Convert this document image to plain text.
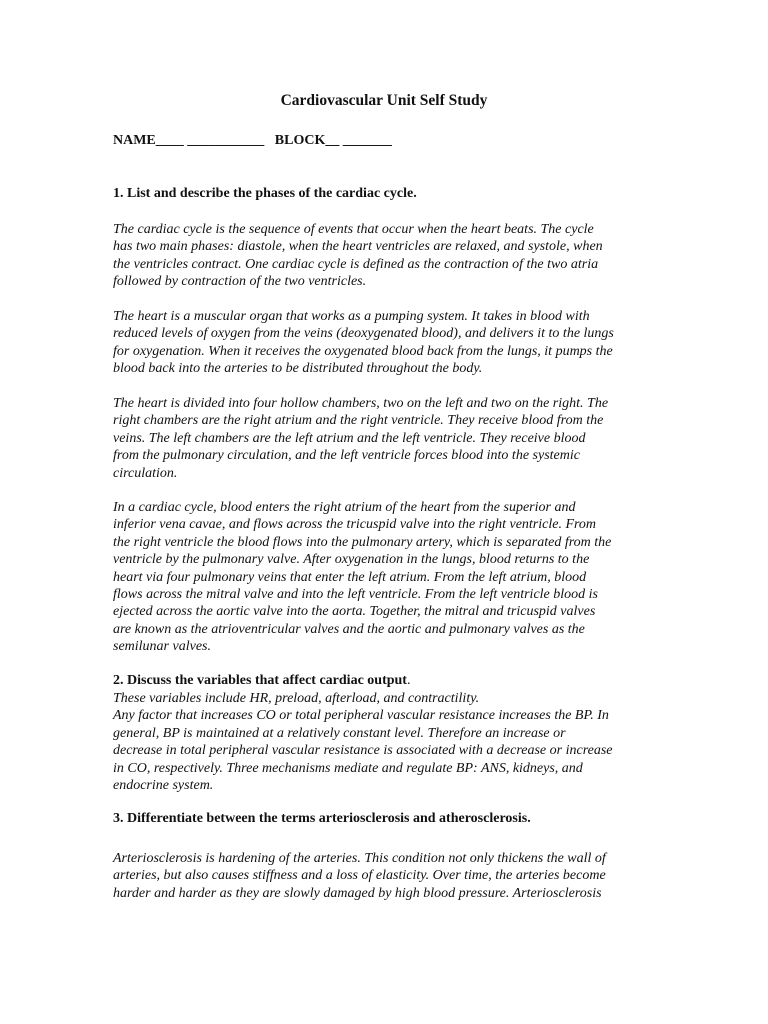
Cardiovascular Unit Self Study

NAME____ ___________   BLOCK__ _______

1. List and describe the phases of the cardiac cycle.

The cardiac cycle is the sequence of events that occur when the heart beats. The cycle
has two main phases: diastole, when the heart ventricles are relaxed, and systole, when
the ventricles contract. One cardiac cycle is defined as the contraction of the two atria
followed by contraction of the two ventricles.
The heart is a muscular organ that works as a pumping system. It takes in blood with
reduced levels of oxygen from the veins (deoxygenated blood), and delivers it to the lungs
for oxygenation. When it receives the oxygenated blood back from the lungs, it pumps the
blood back into the arteries to be distributed throughout the body.
The heart is divided into four hollow chambers, two on the left and two on the right. The
right chambers are the right atrium and the right ventricle. They receive blood from the
veins. The left chambers are the left atrium and the left ventricle. They receive blood
from the pulmonary circulation, and the left ventricle forces blood into the systemic
circulation.
In a cardiac cycle, blood enters the right atrium of the heart from the superior and
inferior vena cavae, and flows across the tricuspid valve into the right ventricle. From
the right ventricle the blood flows into the pulmonary artery, which is separated from the
ventricle by the pulmonary valve. After oxygenation in the lungs, blood returns to the
heart via four pulmonary veins that enter the left atrium. From the left atrium, blood
flows across the mitral valve and into the left ventricle. From the left ventricle blood is
ejected across the aortic valve into the aorta. Together, the mitral and tricuspid valves
are known as the atrioventricular valves and the aortic and pulmonary valves as the
semilunar valves.

2. Discuss the variables that affect cardiac output.

These variables include HR, preload, afterload, and contractility.
Any factor that increases CO or total peripheral vascular resistance increases the BP. In
general, BP is maintained at a relatively constant level. Therefore an increase or
decrease in total peripheral vascular resistance is associated with a decrease or increase
in CO, respectively. Three mechanisms mediate and regulate BP: ANS, kidneys, and
endocrine system.

3. Differentiate between the terms arteriosclerosis and atherosclerosis.

Arteriosclerosis is hardening of the arteries. This condition not only thickens the wall of
arteries, but also causes stiffness and a loss of elasticity. Over time, the arteries become
harder and harder as they are slowly damaged by high blood pressure. Arteriosclerosis
